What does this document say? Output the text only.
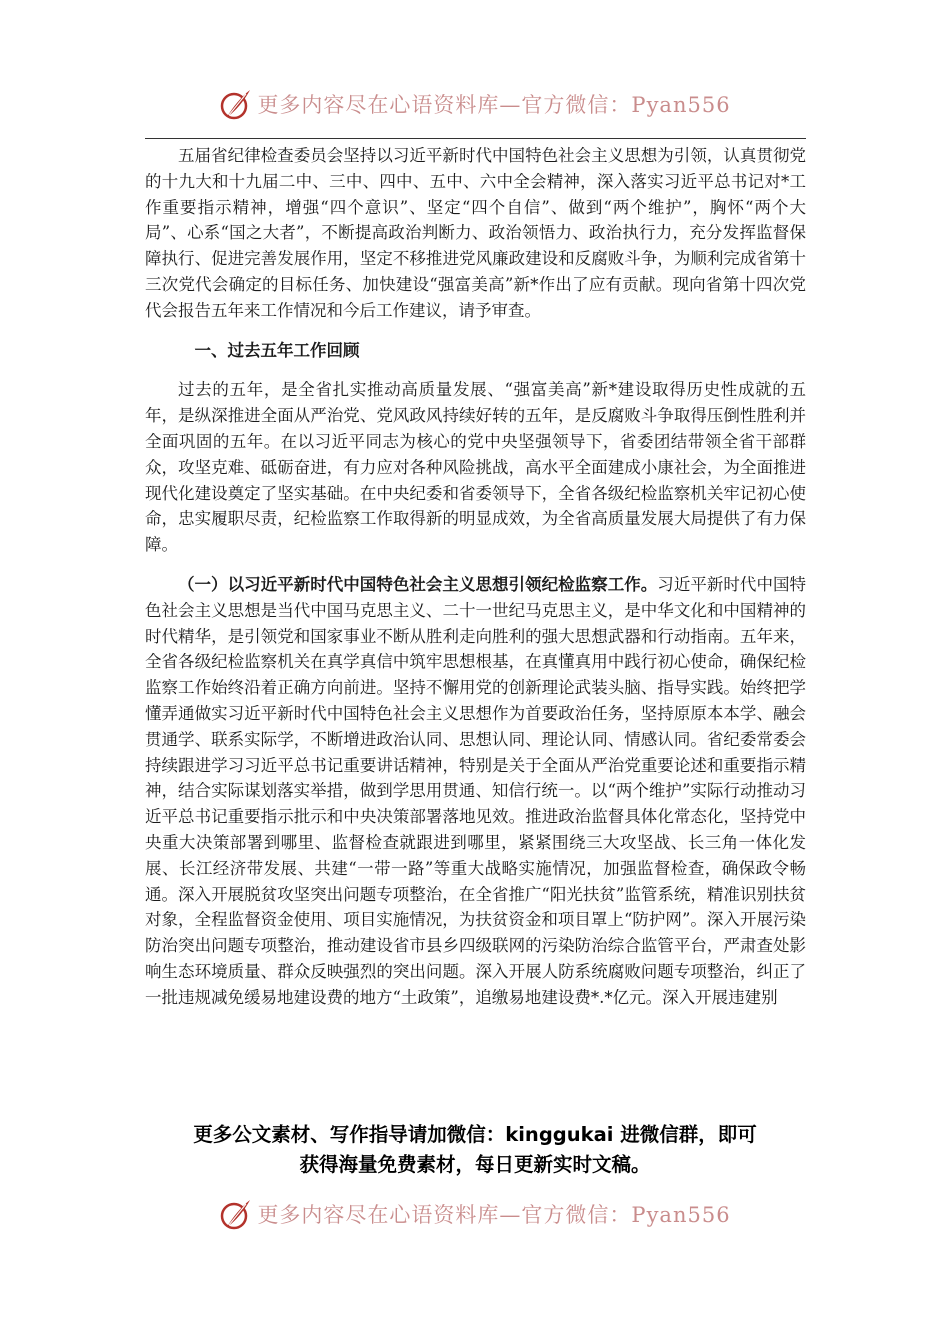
更多内容尽在心语资料库—官方微信：Pyan556

五届省纪律检查委员会坚持以习近平新时代中国特色社会主义思想为引领，认真贯彻党的十九大和十九届二中、三中、四中、五中、六中全会精神，深入落实习近平总书记对*工作重要指示精神，增强“四个意识”、坚定“四个自信”、做到“两个维护”，胸怀“两个大局”、心系“国之大者”，不断提高政治判断力、政治领悟力、政治执行力，充分发挥监督保障执行、促进完善发展作用，坚定不移推进党风廉政建设和反腐败斗争，为顺利完成省第十三次党代会确定的目标任务、加快建设“强富美高”新*作出了应有贡献。现向省第十四次党代会报告五年来工作情况和今后工作建议，请予审查。

一、过去五年工作回顾

过去的五年，是全省扎实推动高质量发展、“强富美高”新*建设取得历史性成就的五年，是纵深推进全面从严治党、党风政风持续好转的五年，是反腐败斗争取得压倒性胜利并全面巩固的五年。在以习近平同志为核心的党中央坚强领导下，省委团结带领全省干部群众，攻坚克难、砥砺奋进，有力应对各种风险挑战，高水平全面建成小康社会，为全面推进现代化建设奠定了坚实基础。在中央纪委和省委领导下，全省各级纪检监察机关牢记初心使命，忠实履职尽责，纪检监察工作取得新的明显成效，为全省高质量发展大局提供了有力保障。

（一）以习近平新时代中国特色社会主义思想引领纪检监察工作。习近平新时代中国特色社会主义思想是当代中国马克思主义、二十一世纪马克思主义，是中华文化和中国精神的时代精华，是引领党和国家事业不断从胜利走向胜利的强大思想武器和行动指南。五年来，全省各级纪检监察机关在真学真信中筑牢思想根基，在真懂真用中践行初心使命，确保纪检监察工作始终沿着正确方向前进。坚持不懈用党的创新理论武装头脑、指导实践。始终把学懂弄通做实习近平新时代中国特色社会主义思想作为首要政治任务，坚持原原本本学、融会贯通学、联系实际学，不断增进政治认同、思想认同、理论认同、情感认同。省纪委常委会持续跟进学习习近平总书记重要讲话精神，特别是关于全面从严治党重要论述和重要指示精神，结合实际谋划落实举措，做到学思用贯通、知信行统一。以“两个维护”实际行动推动习近平总书记重要指示批示和中央决策部署落地见效。推进政治监督具体化常态化，坚持党中央重大决策部署到哪里、监督检查就跟进到哪里，紧紧围绕三大攻坚战、长三角一体化发展、长江经济带发展、共建“一带一路”等重大战略实施情况，加强监督检查，确保政令畅通。深入开展脱贫攻坚突出问题专项整治，在全省推广“阳光扶贫”监管系统，精准识别扶贫对象，全程监督资金使用、项目实施情况，为扶贫资金和项目罩上“防护网”。深入开展污染防治突出问题专项整治，推动建设省市县乡四级联网的污染防治综合监管平台，严肃查处影响生态环境质量、群众反映强烈的突出问题。深入开展人防系统腐败问题专项整治，纠正了一批违规减免缓易地建设费的地方“土政策”，追缴易地建设费*.*亿元。深入开展违建别

更多公文素材、写作指导请加微信：kinggukai 进微信群，即可
获得海量免费素材，每日更新实时文稿。
更多内容尽在心语资料库—官方微信：Pyan556
